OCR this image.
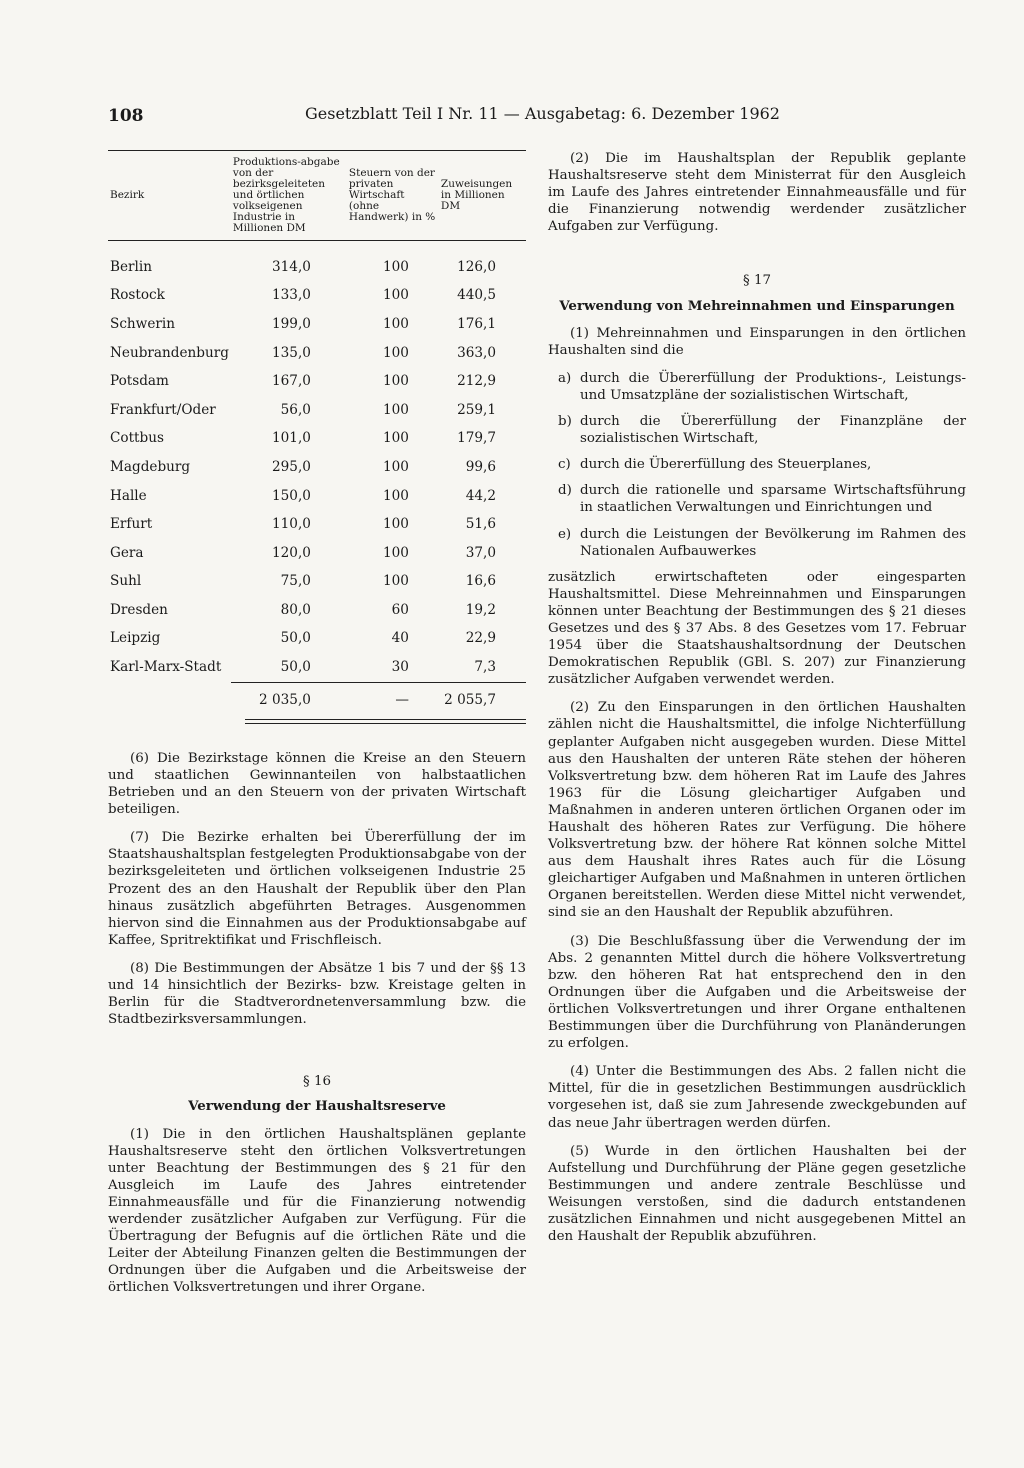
108	Gesetzblatt Teil I Nr. 11 — Ausgabetag: 6. Dezember 1962
Bezirk	Produktions-abgabe von der bezirksgeleiteten und örtlichen volkseigenen Industrie in Millionen DM	Steuern von der privaten Wirtschaft (ohne Handwerk) in %	Zuweisungen in Millionen DM
Berlin	314,0	100	126,0
Rostock	133,0	100	440,5
Schwerin	199,0	100	176,1
Neubrandenburg	135,0	100	363,0
Potsdam	167,0	100	212,9
Frankfurt/Oder	56,0	100	259,1
Cottbus	101,0	100	179,7
Magdeburg	295,0	100	99,6
Halle	150,0	100	44,2
Erfurt	110,0	100	51,6
Gera	120,0	100	37,0
Suhl	75,0	100	16,6
Dresden	80,0	60	19,2
Leipzig	50,0	40	22,9
Karl-Marx-Stadt	50,0	30	7,3
	2 035,0	—	2 055,7

(6) Die Bezirkstage können die Kreise an den Steuern und staatlichen Gewinnanteilen von halbstaatlichen Betrieben und an den Steuern von der privaten Wirtschaft beteiligen.

(7) Die Bezirke erhalten bei Übererfüllung der im Staatshaushaltsplan festgelegten Produktionsabgabe von der bezirksgeleiteten und örtlichen volkseigenen Industrie 25 Prozent des an den Haushalt der Republik über den Plan hinaus zusätzlich abgeführten Betrages. Ausgenommen hiervon sind die Einnahmen aus der Produktionsabgabe auf Kaffee, Spritrektifikat und Frischfleisch.

(8) Die Bestimmungen der Absätze 1 bis 7 und der §§ 13 und 14 hinsichtlich der Bezirks- bzw. Kreistage gelten in Berlin für die Stadtverordnetenversammlung bzw. die Stadtbezirksversammlungen.

§ 16
Verwendung der Haushaltsreserve

(1) Die in den örtlichen Haushaltsplänen geplante Haushaltsreserve steht den örtlichen Volksvertretungen unter Beachtung der Bestimmungen des § 21 für den Ausgleich im Laufe des Jahres eintretender Einnahmeausfälle und für die Finanzierung notwendig werdender zusätzlicher Aufgaben zur Verfügung. Für die Übertragung der Befugnis auf die örtlichen Räte und die Leiter der Abteilung Finanzen gelten die Bestimmungen der Ordnungen über die Aufgaben und die Arbeitsweise der örtlichen Volksvertretungen und ihrer Organe.

(2) Die im Haushaltsplan der Republik geplante Haushaltsreserve steht dem Ministerrat für den Ausgleich im Laufe des Jahres eintretender Einnahmeausfälle und für die Finanzierung notwendig werdender zusätzlicher Aufgaben zur Verfügung.

§ 17
Verwendung von Mehreinnahmen und Einsparungen

(1) Mehreinnahmen und Einsparungen in den örtlichen Haushalten sind die

a) durch die Übererfüllung der Produktions-, Leistungs- und Umsatzpläne der sozialistischen Wirtschaft,
b) durch die Übererfüllung der Finanzpläne der sozialistischen Wirtschaft,
c) durch die Übererfüllung des Steuerplanes,
d) durch die rationelle und sparsame Wirtschaftsführung in staatlichen Verwaltungen und Einrichtungen und
e) durch die Leistungen der Bevölkerung im Rahmen des Nationalen Aufbauwerkes

zusätzlich erwirtschafteten oder eingesparten Haushaltsmittel. Diese Mehreinnahmen und Einsparungen können unter Beachtung der Bestimmungen des § 21 dieses Gesetzes und des § 37 Abs. 8 des Gesetzes vom 17. Februar 1954 über die Staatshaushaltsordnung der Deutschen Demokratischen Republik (GBl. S. 207) zur Finanzierung zusätzlicher Aufgaben verwendet werden.

(2) Zu den Einsparungen in den örtlichen Haushalten zählen nicht die Haushaltsmittel, die infolge Nichterfüllung geplanter Aufgaben nicht ausgegeben wurden. Diese Mittel aus den Haushalten der unteren Räte stehen der höheren Volksvertretung bzw. dem höheren Rat im Laufe des Jahres 1963 für die Lösung gleichartiger Aufgaben und Maßnahmen in anderen unteren örtlichen Organen oder im Haushalt des höheren Rates zur Verfügung. Die höhere Volksvertretung bzw. der höhere Rat können solche Mittel aus dem Haushalt ihres Rates auch für die Lösung gleichartiger Aufgaben und Maßnahmen in unteren örtlichen Organen bereitstellen. Werden diese Mittel nicht verwendet, sind sie an den Haushalt der Republik abzuführen.

(3) Die Beschlußfassung über die Verwendung der im Abs. 2 genannten Mittel durch die höhere Volksvertretung bzw. den höheren Rat hat entsprechend den in den Ordnungen über die Aufgaben und die Arbeitsweise der örtlichen Volksvertretungen und ihrer Organe enthaltenen Bestimmungen über die Durchführung von Planänderungen zu erfolgen.

(4) Unter die Bestimmungen des Abs. 2 fallen nicht die Mittel, für die in gesetzlichen Bestimmungen ausdrücklich vorgesehen ist, daß sie zum Jahresende zweckgebunden auf das neue Jahr übertragen werden dürfen.

(5) Wurde in den örtlichen Haushalten bei der Aufstellung und Durchführung der Pläne gegen gesetzliche Bestimmungen und andere zentrale Beschlüsse und Weisungen verstoßen, sind die dadurch entstandenen zusätzlichen Einnahmen und nicht ausgegebenen Mittel an den Haushalt der Republik abzuführen.
